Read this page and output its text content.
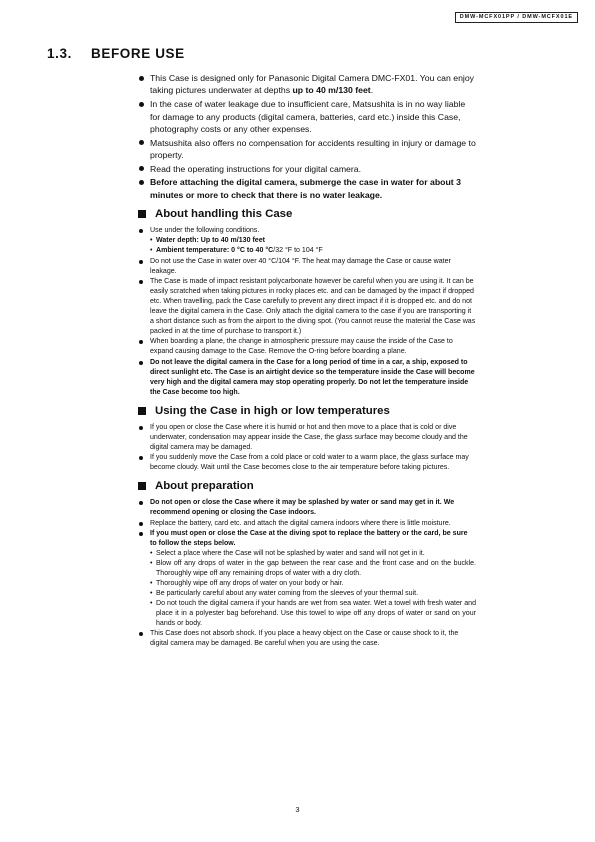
DMW-MCFX01PP / DMW-MCFX01E
1.3. BEFORE USE
This Case is designed only for Panasonic Digital Camera DMC-FX01. You can enjoy taking pictures underwater at depths up to 40 m/130 feet.
In the case of water leakage due to insufficient care, Matsushita is in no way liable for damage to any products (digital camera, batteries, card etc.) inside this Case, photography costs or any other expenses.
Matsushita also offers no compensation for accidents resulting in injury or damage to property.
Read the operating instructions for your digital camera.
Before attaching the digital camera, submerge the case in water for about 3 minutes or more to check that there is no water leakage.
About handling this Case
Use under the following conditions.
• Water depth: Up to 40 m/130 feet
• Ambient temperature: 0 °C to 40 °C/32 °F to 104 °F
Do not use the Case in water over 40 °C/104 °F. The heat may damage the Case or cause water leakage.
The Case is made of impact resistant polycarbonate however be careful when you are using it. It can be easily scratched when taking pictures in rocky places etc. and can be damaged by the impact if dropped etc. When travelling, pack the Case carefully to prevent any direct impact if it is dropped etc. and do not leave the digital camera in the Case. Only attach the digital camera to the case if you are transporting it a short distance such as from the airport to the diving spot. (You cannot reuse the material the Case was packed in at the time of purchase to transport it.)
When boarding a plane, the change in atmospheric pressure may cause the inside of the Case to expand causing damage to the Case. Remove the O-ring before boarding a plane.
Do not leave the digital camera in the Case for a long period of time in a car, a ship, exposed to direct sunlight etc. The Case is an airtight device so the temperature inside the Case will become very high and the digital camera may stop operating properly. Do not let the temperature inside the Case become too high.
Using the Case in high or low temperatures
If you open or close the Case where it is humid or hot and then move to a place that is cold or dive underwater, condensation may appear inside the Case, the glass surface may become cloudy and the digital camera may be damaged.
If you suddenly move the Case from a cold place or cold water to a warm place, the glass surface may become cloudy. Wait until the Case becomes close to the air temperature before taking pictures.
About preparation
Do not open or close the Case where it may be splashed by water or sand may get in it. We recommend opening or closing the Case indoors.
Replace the battery, card etc. and attach the digital camera indoors where there is little moisture.
If you must open or close the Case at the diving spot to replace the battery or the card, be sure to follow the steps below.
• Select a place where the Case will not be splashed by water and sand will not get in it.
• Blow off any drops of water in the gap between the rear case and the front case and on the buckle. Thoroughly wipe off any remaining drops of water with a dry cloth.
• Thoroughly wipe off any drops of water on your body or hair.
• Be particularly careful about any water coming from the sleeves of your thermal suit.
• Do not touch the digital camera if your hands are wet from sea water. Wet a towel with fresh water and place it in a polyester bag beforehand. Use this towel to wipe off any drops of water or sand on your hands or body.
This Case does not absorb shock. If you place a heavy object on the Case or cause shock to it, the digital camera may be damaged. Be careful when you are using the case.
3
